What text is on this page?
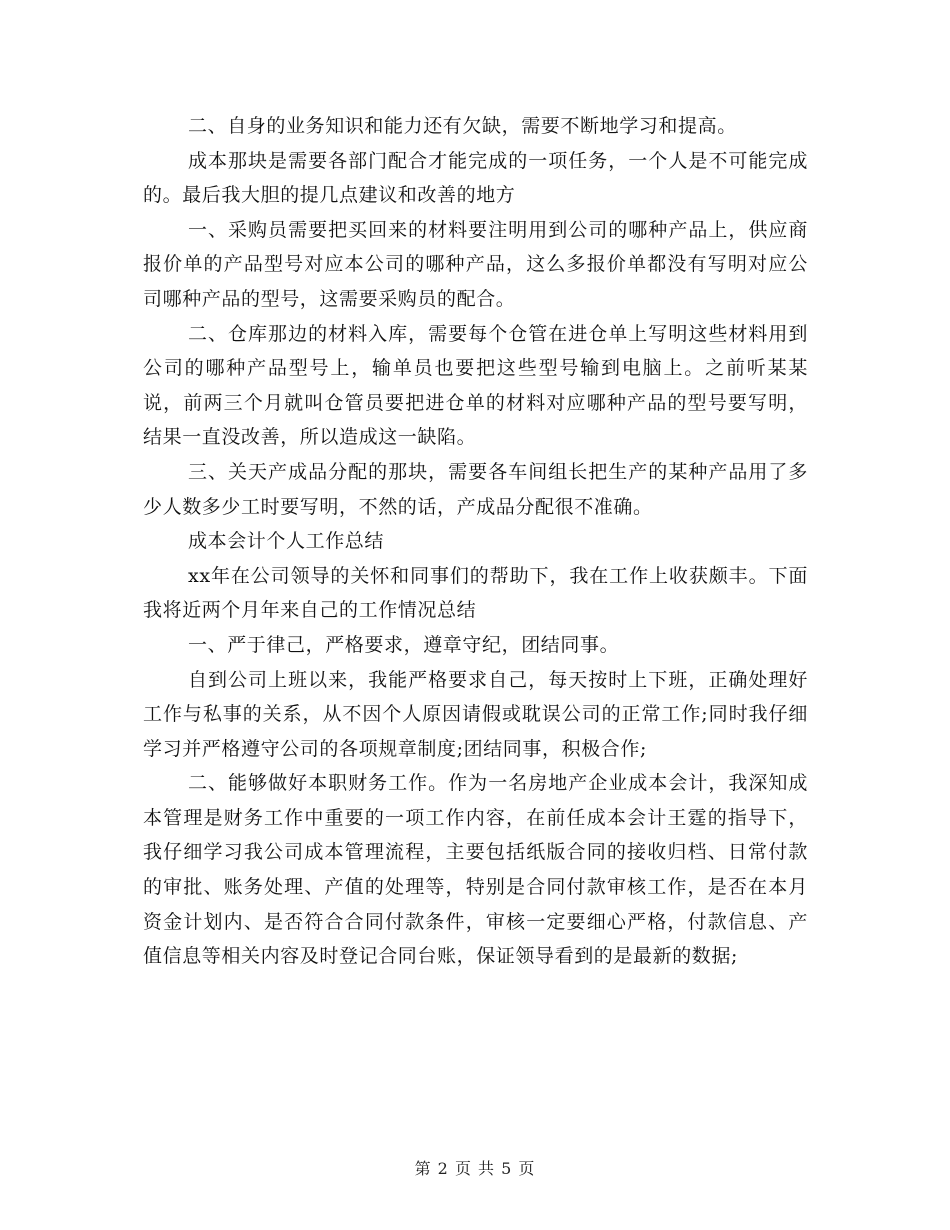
二、自身的业务知识和能力还有欠缺，需要不断地学习和提高。

成本那块是需要各部门配合才能完成的一项任务，一个人是不可能完成的。最后我大胆的提几点建议和改善的地方

一、采购员需要把买回来的材料要注明用到公司的哪种产品上，供应商报价单的产品型号对应本公司的哪种产品，这么多报价单都没有写明对应公司哪种产品的型号，这需要采购员的配合。

二、仓库那边的材料入库，需要每个仓管在进仓单上写明这些材料用到公司的哪种产品型号上，输单员也要把这些型号输到电脑上。之前听某某说，前两三个月就叫仓管员要把进仓单的材料对应哪种产品的型号要写明，结果一直没改善，所以造成这一缺陷。

三、关天产成品分配的那块，需要各车间组长把生产的某种产品用了多少人数多少工时要写明，不然的话，产成品分配很不准确。

成本会计个人工作总结

xx年在公司领导的关怀和同事们的帮助下，我在工作上收获颇丰。下面我将近两个月年来自己的工作情况总结

一、严于律己，严格要求，遵章守纪，团结同事。

自到公司上班以来，我能严格要求自己，每天按时上下班，正确处理好工作与私事的关系，从不因个人原因请假或耽误公司的正常工作;同时我仔细学习并严格遵守公司的各项规章制度;团结同事，积极合作;

二、能够做好本职财务工作。作为一名房地产企业成本会计，我深知成本管理是财务工作中重要的一项工作内容，在前任成本会计王霆的指导下，我仔细学习我公司成本管理流程，主要包括纸版合同的接收归档、日常付款的审批、账务处理、产值的处理等，特别是合同付款审核工作，是否在本月资金计划内、是否符合合同付款条件，审核一定要细心严格，付款信息、产值信息等相关内容及时登记合同台账，保证领导看到的是最新的数据;

第 2 页 共 5 页
